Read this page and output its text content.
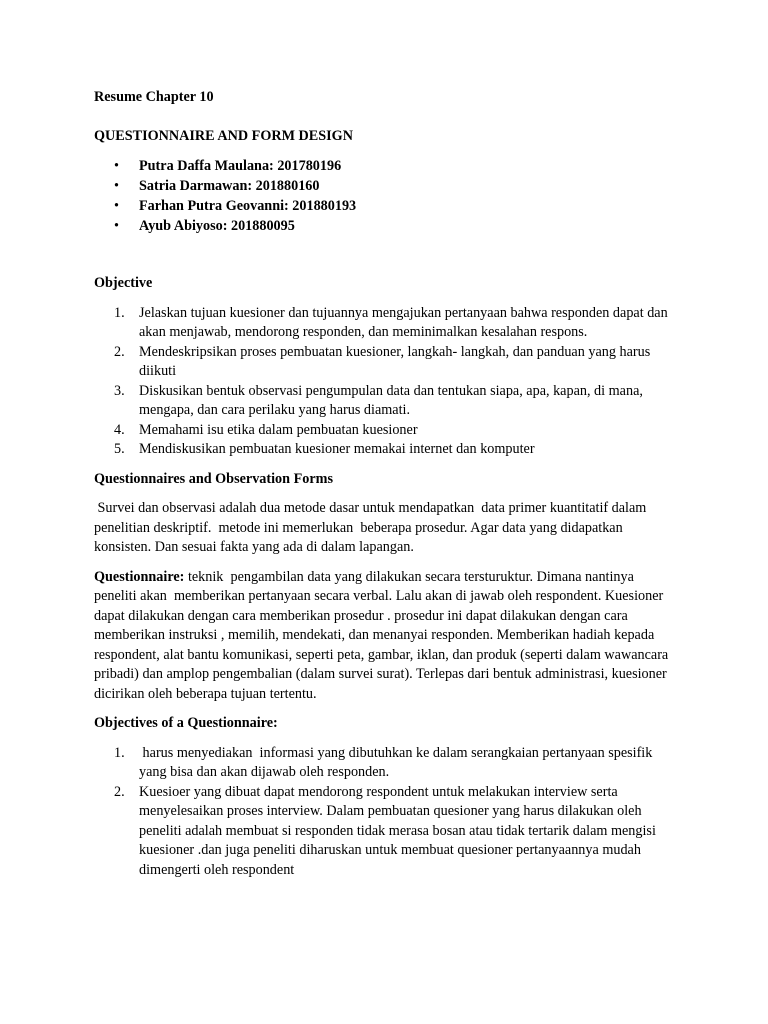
Resume Chapter 10

QUESTIONNAIRE AND FORM DESIGN

• Putra Daffa Maulana: 201780196
• Satria Darmawan: 201880160
• Farhan Putra Geovanni: 201880193
• Ayub Abiyoso: 201880095

Objective

1. Jelaskan tujuan kuesioner dan tujuannya mengajukan pertanyaan bahwa responden dapat dan akan menjawab, mendorong responden, dan meminimalkan kesalahan respons.
2. Mendeskripsikan proses pembuatan kuesioner, langkah- langkah, dan panduan yang harus diikuti
3. Diskusikan bentuk observasi pengumpulan data dan tentukan siapa, apa, kapan, di mana, mengapa, dan cara perilaku yang harus diamati.
4. Memahami isu etika dalam pembuatan kuesioner
5. Mendiskusikan pembuatan kuesioner memakai internet dan komputer

Questionnaires and Observation Forms

Survei dan observasi adalah dua metode dasar untuk mendapatkan  data primer kuantitatif dalam penelitian deskriptif.  metode ini memerlukan  beberapa prosedur. Agar data yang didapatkan konsisten. Dan sesuai fakta yang ada di dalam lapangan.

Questionnaire: teknik  pengambilan data yang dilakukan secara tersturuktur. Dimana nantinya peneliti akan  memberikan pertanyaan secara verbal. Lalu akan di jawab oleh respondent. Kuesioner dapat dilakukan dengan cara memberikan prosedur . prosedur ini dapat dilakukan dengan cara   memberikan instruksi , memilih, mendekati, dan menanyai responden. Memberikan hadiah kepada respondent, alat bantu komunikasi, seperti peta, gambar, iklan, dan produk (seperti dalam wawancara pribadi) dan amplop pengembalian (dalam survei surat). Terlepas dari bentuk administrasi, kuesioner dicirikan oleh beberapa tujuan tertentu.

Objectives of a Questionnaire:

1. harus menyediakan  informasi yang dibutuhkan ke dalam serangkaian pertanyaan spesifik yang bisa dan akan dijawab oleh responden.
2. Kuesioer yang dibuat dapat mendorong respondent untuk melakukan interview serta menyelesaikan proses interview. Dalam pembuatan quesioner yang harus dilakukan oleh peneliti adalah membuat si responden tidak merasa bosan atau tidak tertarik dalam mengisi kuesioner .dan juga peneliti diharuskan untuk membuat quesioner pertanyaannya mudah dimengerti oleh respondent
